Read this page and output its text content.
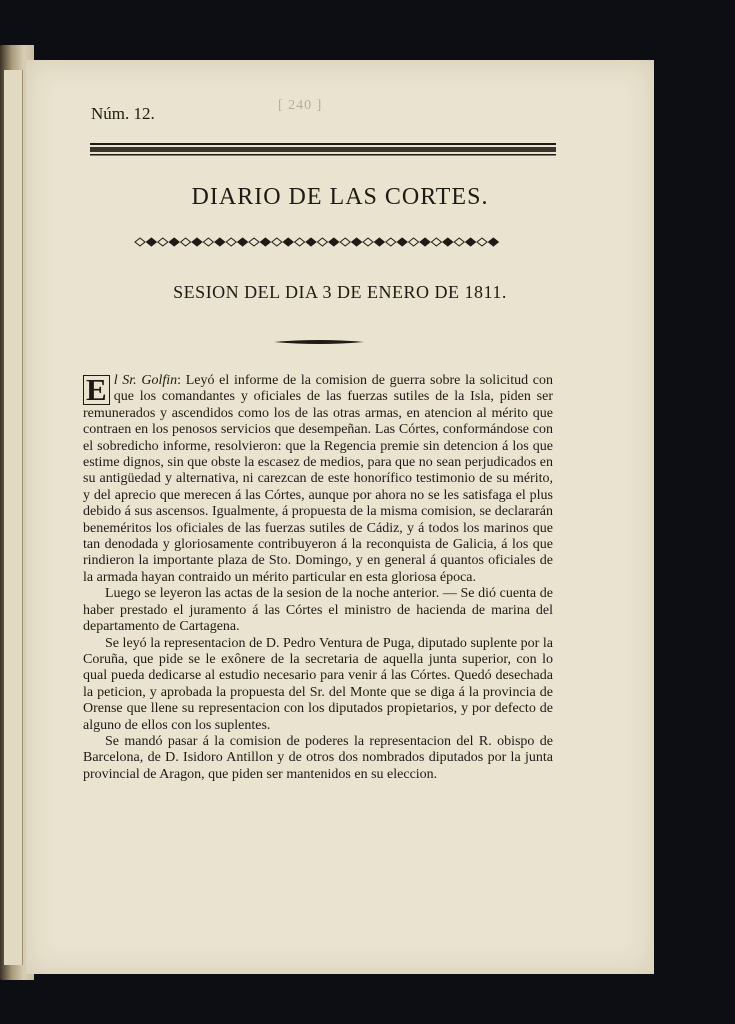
Núm. 12.	[ 240 ]
DIARIO DE LAS CORTES.
SESION DEL DIA 3 DE ENERO DE 1811.

E l Sr. Golfin: Leyó el informe de la comision de guerra sobre la solicitud con que los comandantes y oficiales de las fuerzas sutiles de la Isla, piden ser remunerados y ascendidos como los de las otras armas, en atencion al mérito que contraen en los penosos servicios que desempeñan. Las Córtes, conformándose con el sobredicho informe, resolvieron: que la Regencia premie sin detencion á los que estime dignos, sin que obste la escasez de medios, para que no sean perjudicados en su antigüedad y alternativa, ni carezcan de este honorífico testimonio de su mérito, y del aprecio que merecen á las Córtes, aunque por ahora no se les satisfaga el plus debido á sus ascensos. Igualmente, á propuesta de la misma comision, se declararán beneméritos los oficiales de las fuerzas sutiles de Cádiz, y á todos los marinos que tan denodada y gloriosamente contribuyeron á la reconquista de Galicia, á los que rindieron la importante plaza de Sto. Domingo, y en general á quantos oficiales de la armada hayan contraido un mérito particular en esta gloriosa época.

Luego se leyeron las actas de la sesion de la noche anterior. — Se dió cuenta de haber prestado el juramento á las Córtes el ministro de hacienda de marina del departamento de Cartagena.

Se leyó la representacion de D. Pedro Ventura de Puga, diputado suplente por la Coruña, que pide se le exônere de la secretaria de aquella junta superior, con lo qual pueda dedicarse al estudio necesario para venir á las Córtes. Quedó desechada la peticion, y aprobada la propuesta del Sr. del Monte que se diga á la provincia de Orense que llene su representacion con los diputados propietarios, y por defecto de alguno de ellos con los suplentes.

Se mandó pasar á la comision de poderes la representacion del R. obispo de Barcelona, de D. Isidoro Antillon y de otros dos nombrados diputados por la junta provincial de Aragon, que piden ser mantenidos en su eleccion.
